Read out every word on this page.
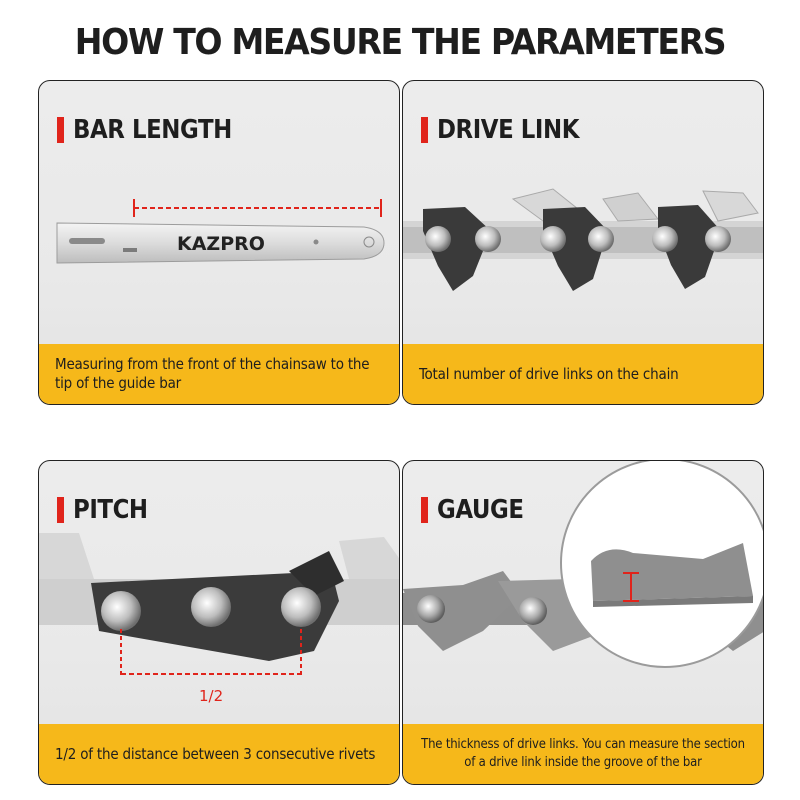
HOW TO MEASURE THE PARAMETERS
KAZPRO
BAR LENGTH
Measuring from the front of the chainsaw to the tip of the guide bar
DRIVE LINK
Total number of drive links on the chain
1/2
PITCH
1/2 of the distance between 3 consecutive rivets
GAUGE
The thickness of drive links. You can measure the section of a drive link inside the groove of the bar
